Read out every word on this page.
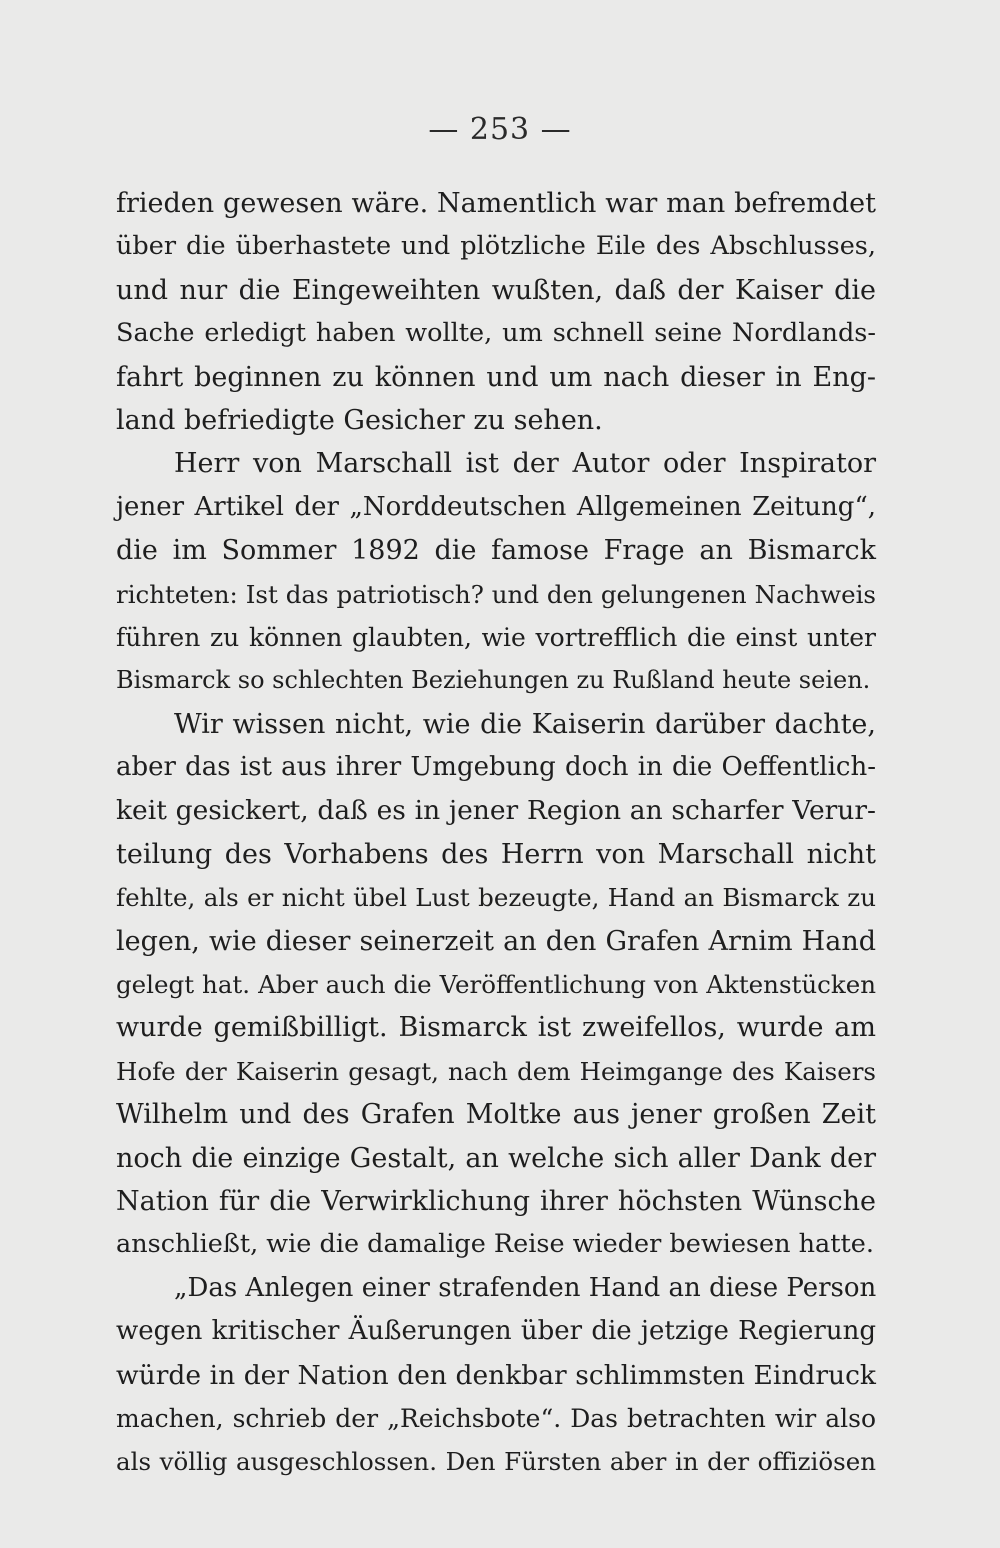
— 253 —
frieden gewesen wäre. Namentlich war man befremdet
über die überhastete und plötzliche Eile des Abschlusses,
und nur die Eingeweihten wußten, daß der Kaiser die
Sache erledigt haben wollte, um schnell seine Nordlands-
fahrt beginnen zu können und um nach dieser in Eng-
land befriedigte Gesicher zu sehen.
Herr von Marschall ist der Autor oder Inspirator
jener Artikel der „Norddeutschen Allgemeinen Zeitung“,
die im Sommer 1892 die famose Frage an Bismarck
richteten: Ist das patriotisch? und den gelungenen Nachweis
führen zu können glaubten, wie vortrefflich die einst unter
Bismarck so schlechten Beziehungen zu Rußland heute seien.
Wir wissen nicht, wie die Kaiserin darüber dachte,
aber das ist aus ihrer Umgebung doch in die Oeffentlich-
keit gesickert, daß es in jener Region an scharfer Verur-
teilung des Vorhabens des Herrn von Marschall nicht
fehlte, als er nicht übel Lust bezeugte, Hand an Bismarck zu
legen, wie dieser seinerzeit an den Grafen Arnim Hand
gelegt hat. Aber auch die Veröffentlichung von Aktenstücken
wurde gemißbilligt. Bismarck ist zweifellos, wurde am
Hofe der Kaiserin gesagt, nach dem Heimgange des Kaisers
Wilhelm und des Grafen Moltke aus jener großen Zeit
noch die einzige Gestalt, an welche sich aller Dank der
Nation für die Verwirklichung ihrer höchsten Wünsche
anschließt, wie die damalige Reise wieder bewiesen hatte.
„Das Anlegen einer strafenden Hand an diese Person
wegen kritischer Äußerungen über die jetzige Regierung
würde in der Nation den denkbar schlimmsten Eindruck
machen, schrieb der „Reichsbote“. Das betrachten wir also
als völlig ausgeschlossen. Den Fürsten aber in der offiziösen
